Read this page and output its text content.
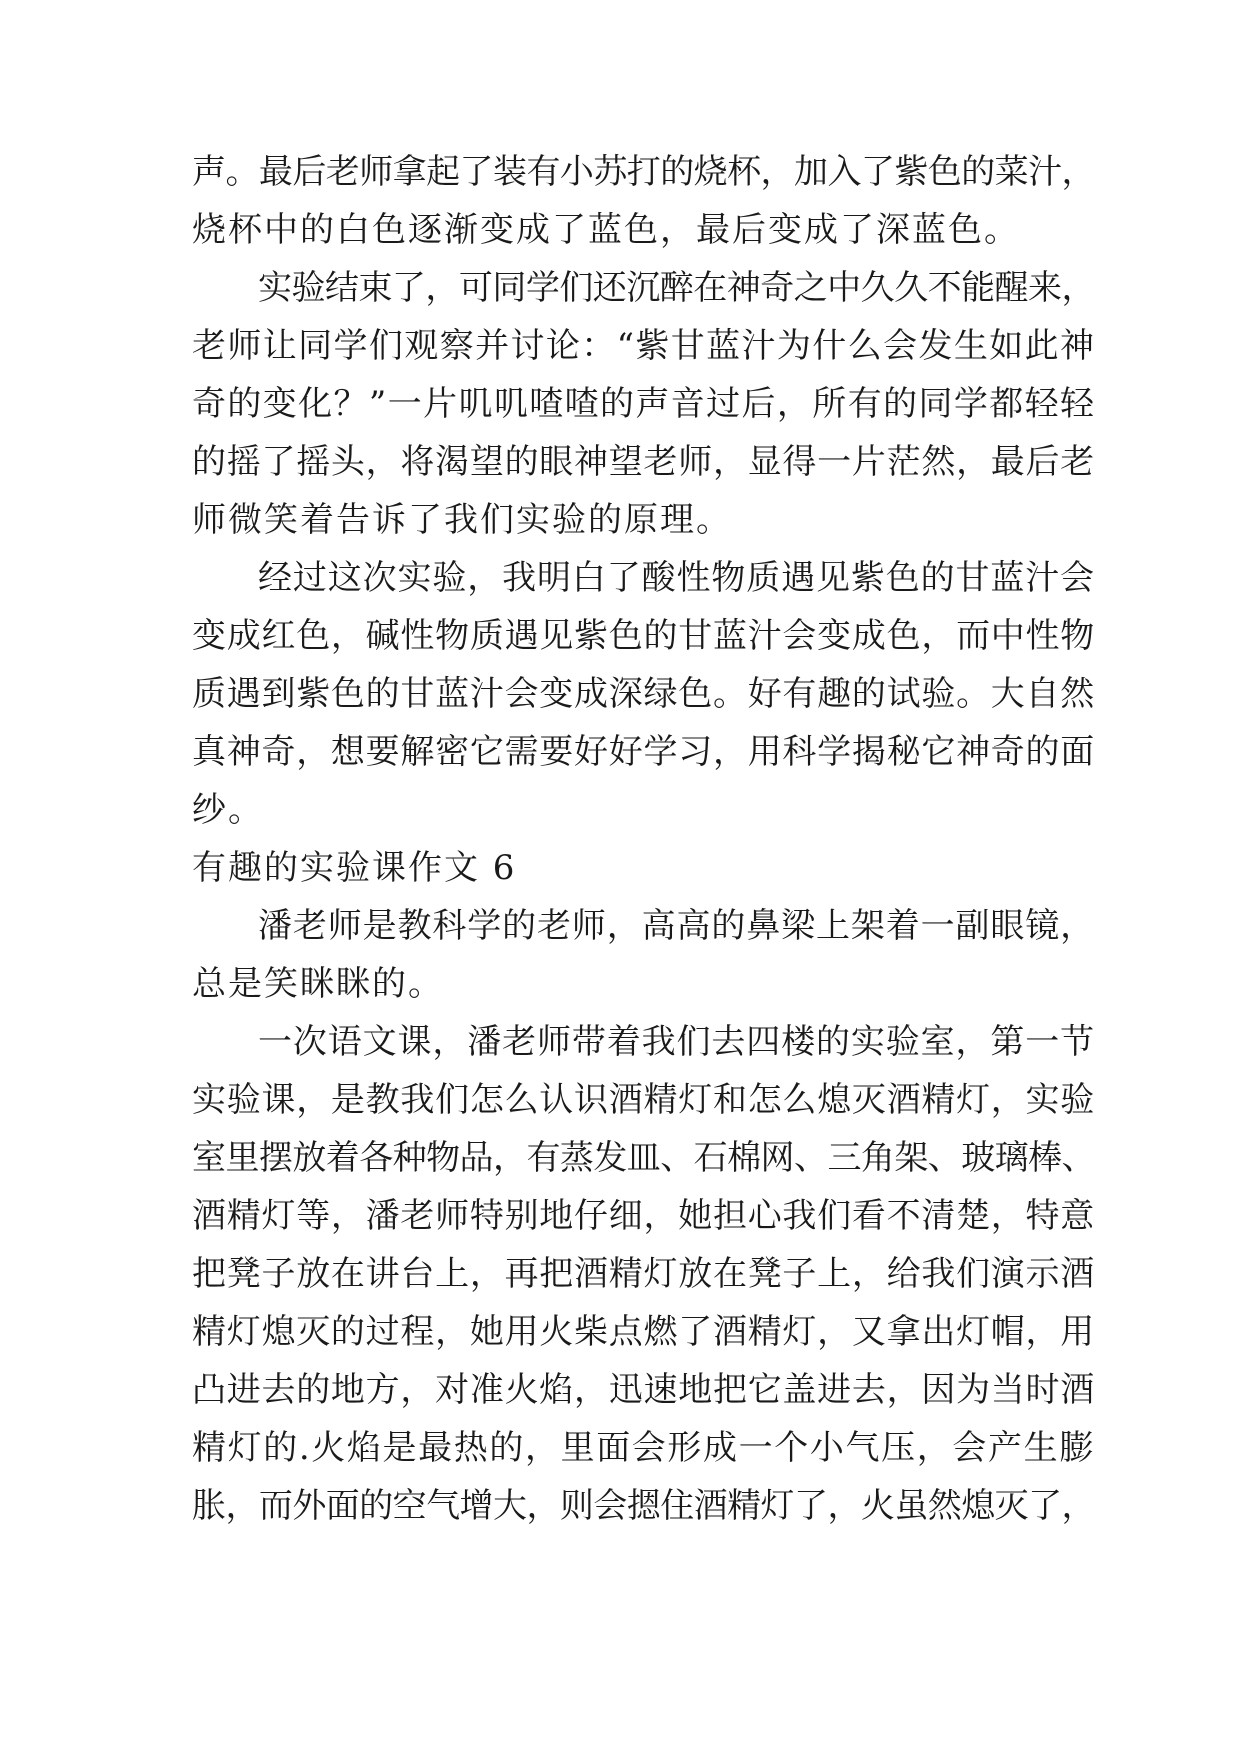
声。最后老师拿起了装有小苏打的烧杯，加入了紫色的菜汁，
烧杯中的白色逐渐变成了蓝色，最后变成了深蓝色。
实验结束了，可同学们还沉醉在神奇之中久久不能醒来，
老师让同学们观察并讨论：“紫甘蓝汁为什么会发生如此神
奇的变化？”一片叽叽喳喳的声音过后，所有的同学都轻轻
的摇了摇头，将渴望的眼神望老师，显得一片茫然，最后老
师微笑着告诉了我们实验的原理。
经过这次实验，我明白了酸性物质遇见紫色的甘蓝汁会
变成红色，碱性物质遇见紫色的甘蓝汁会变成色，而中性物
质遇到紫色的甘蓝汁会变成深绿色。好有趣的试验。大自然
真神奇，想要解密它需要好好学习，用科学揭秘它神奇的面
纱。
有趣的实验课作文 6
潘老师是教科学的老师，高高的鼻梁上架着一副眼镜，
总是笑眯眯的。
一次语文课，潘老师带着我们去四楼的实验室，第一节
实验课，是教我们怎么认识酒精灯和怎么熄灭酒精灯，实验
室里摆放着各种物品，有蒸发皿、石棉网、三角架、玻璃棒、
酒精灯等，潘老师特别地仔细，她担心我们看不清楚，特意
把凳子放在讲台上，再把酒精灯放在凳子上，给我们演示酒
精灯熄灭的过程，她用火柴点燃了酒精灯，又拿出灯帽，用
凸进去的地方，对准火焰，迅速地把它盖进去，因为当时酒
精灯的.火焰是最热的，里面会形成一个小气压，会产生膨
胀，而外面的空气增大，则会摁住酒精灯了，火虽然熄灭了，
